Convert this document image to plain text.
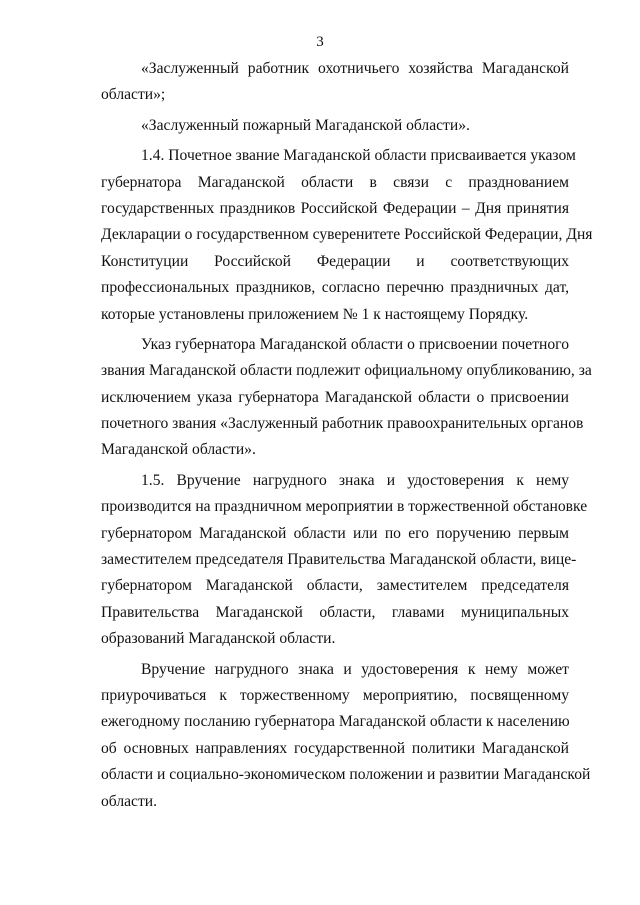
3
«Заслуженный работник охотничьего хозяйства Магаданской
области»;
«Заслуженный пожарный Магаданской области».
1.4. Почетное звание Магаданской области присваивается указом
губернатора Магаданской области в связи с празднованием
государственных праздников Российской Федерации – Дня принятия
Декларации о государственном суверенитете Российской Федерации, Дня
Конституции Российской Федерации и соответствующих
профессиональных праздников, согласно перечню праздничных дат,
которые установлены приложением № 1 к настоящему Порядку.
Указ губернатора Магаданской области о присвоении почетного
звания Магаданской области подлежит официальному опубликованию, за
исключением указа губернатора Магаданской области о присвоении
почетного звания «Заслуженный работник правоохранительных органов
Магаданской области».
1.5. Вручение нагрудного знака и удостоверения к нему
производится на праздничном мероприятии в торжественной обстановке
губернатором Магаданской области или по его поручению первым
заместителем председателя Правительства Магаданской области, вице-
губернатором Магаданской области, заместителем председателя
Правительства Магаданской области, главами муниципальных
образований Магаданской области.
Вручение нагрудного знака и удостоверения к нему может
приурочиваться к торжественному мероприятию, посвященному
ежегодному посланию губернатора Магаданской области к населению
об основных направлениях государственной политики Магаданской
области и социально-экономическом положении и развитии Магаданской
области.
